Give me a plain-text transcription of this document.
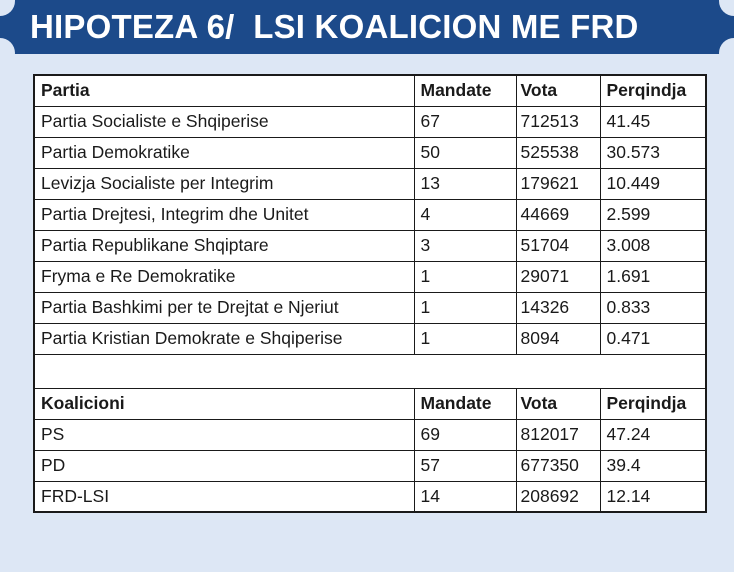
HIPOTEZA 6/  LSI KOALICION ME FRD
Partia	Mandate	Vota	Perqindja
Partia Socialiste e Shqiperise	67	712513	41.45
Partia Demokratike	50	525538	30.573
Levizja Socialiste per Integrim	13	179621	10.449
Partia Drejtesi, Integrim dhe Unitet	4	44669	2.599
Partia Republikane Shqiptare	3	51704	3.008
Fryma e Re Demokratike	1	29071	1.691
Partia Bashkimi per te Drejtat e Njeriut	1	14326	0.833
Partia Kristian Demokrate e Shqiperise	1	8094	0.471

Koalicioni	Mandate	Vota	Perqindja
PS	69	812017	47.24
PD	57	677350	39.4
FRD-LSI	14	208692	12.14
